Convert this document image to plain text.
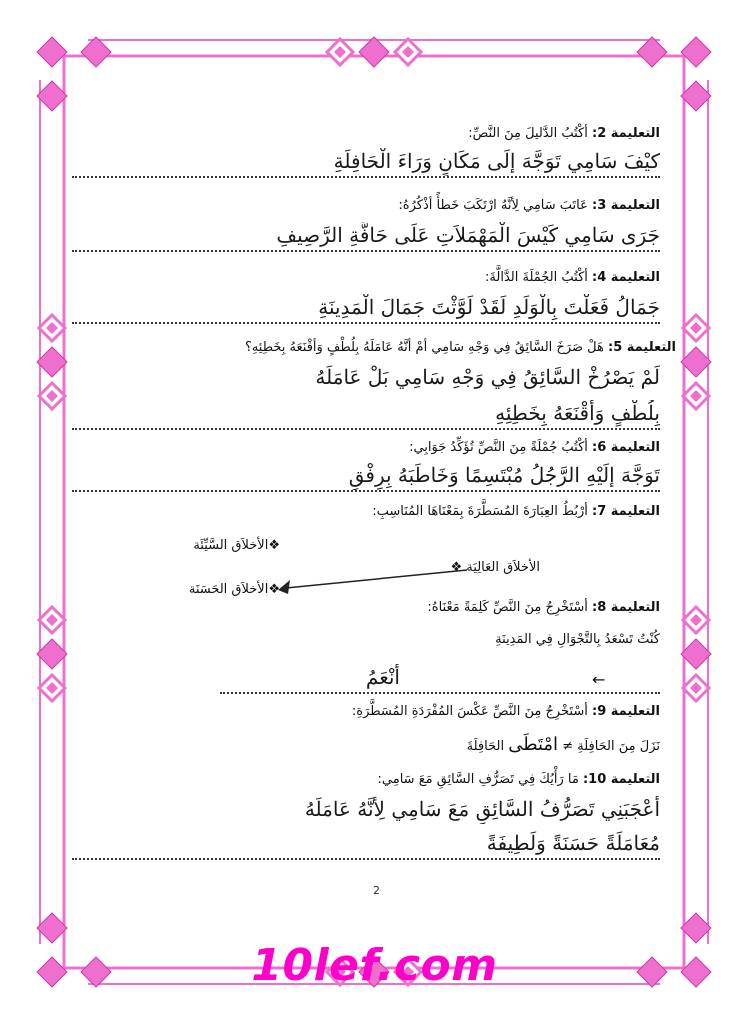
التعليمة 2: أكْتُبُ الدَّليلَ مِنَ النَّصِّ:
كيْفَ سَامِي تَوَجَّهَ إلَى مَكَانٍ وَرَاءَ الْحَافِلَةِ
التعليمة 3: عَاتَبَ سَامِي لِأنَّهُ ارْتَكَبَ خَطأً أذْكُرُهُ:
جَرَى سَامِي كَيْسَ الْمَهْمَلاَتِ عَلَى حَافَّةِ الرَّصِيفِ
التعليمة 4: أكْتُبُ الجُمْلَةَ الدَّالَّةَ:
جَمَالُ فَعَلْتَ بِالْوَلَدِ لَقَدْ لَوَّثْتَ جَمَالَ الْمَدِينَةِ
التعليمة 5: هَلْ صَرَخَ السَّائِقُ فِي وَجْهِ سَامِي أمْ أنَّهُ عَامَلَهُ بِلُطْفٍ وَأقْنَعَهُ بِخَطِئِهِ؟
لَمْ يَصْرُخْ السَّائِقُ فِي وَجْهِ سَامِي بَلْ عَامَلَهُ
بِلُطْفٍ وَأقْنَعَهُ بِخَطِئِهِ
التعليمة 6: أكْتُبُ جُمْلَةً مِنَ النَّصِّ تُؤَكِّدُ جَوَابِي:
تَوَجَّهَ إلَيْهِ الرَّجُلُ مُبْتَسِمًا وَخَاطَبَهُ بِرِفْقٍ
التعليمة 7: أرْبُطُ العِبَارَةَ المُسَطَّرَةَ بِمَعْنَاهَا المُنَاسِبِ:
❖الأخلاَق السَّيِّئَة
الأخلاَق العَالِيَة ❖
❖الأخلاَق الحَسَنَة
التعليمة 8: أسْتَخْرِجُ مِنَ النَّصِّ كَلِمَةً مَعْنَاهُ:
كُنْتُ تَسْعَدُ بِالتَّجْوَالِ فِي المَدِينَةِ
أنْعَمُ	←
التعليمة 9: أسْتَخْرِجُ مِنَ النَّصِّ عَكْسَ المُفْرَدَةِ المُسَطَّرَةِ:
نَزَلَ مِنَ الحَافِلَةِ ≠ امْتَطَى الحَافِلَةَ
التعليمة 10: مَا رَأْيُكَ فِي تَصَرُّفِ السَّائِقِ مَعَ سَامِي:
أعْجَبَنِي تَصَرُّفُ السَّائِقِ مَعَ سَامِي لِأنَّهُ عَامَلَهُ
مُعَامَلَةً حَسَنَةً وَلَطِيفَةً
2
10lef.com
